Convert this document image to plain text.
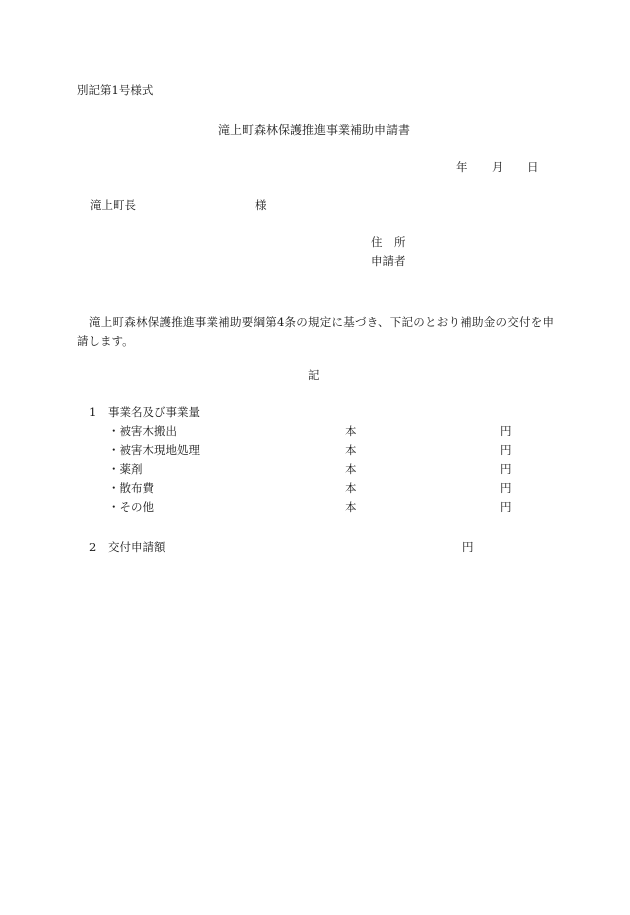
別記第1号様式
滝上町森林保護推進事業補助申請書
年 月 日
滝上町長	様
住　所
申請者
滝上町森林保護推進事業補助要綱第4条の規定に基づき、下記のとおり補助金の交付を申請します。
記
1 事業名及び事業量
・被害木搬出	本	円
・被害木現地処理	本	円
・薬剤	本	円
・散布費	本	円
・その他	本	円
2 交付申請額	円
